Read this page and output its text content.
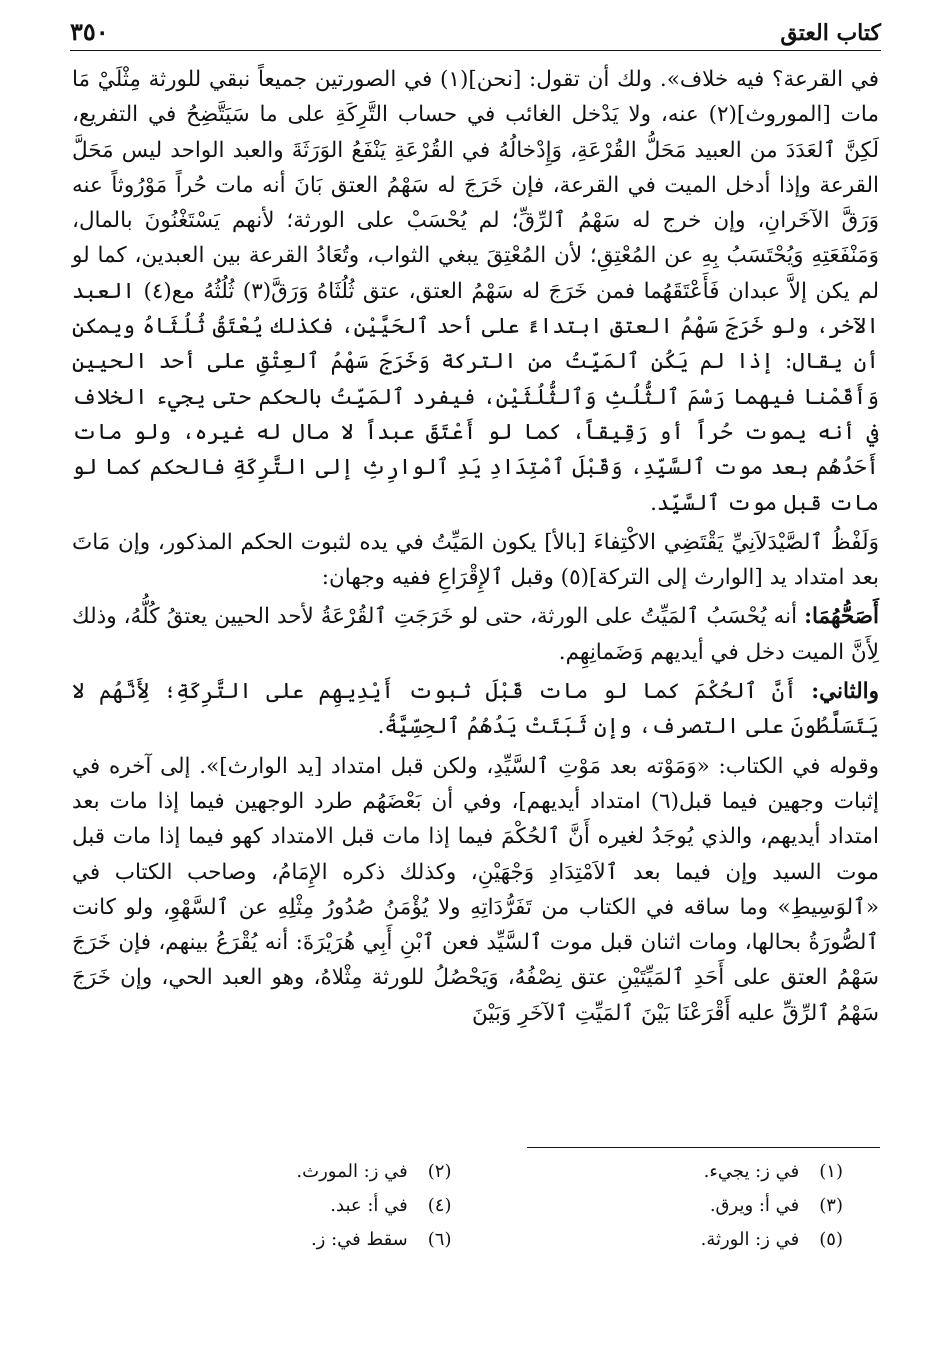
٣٥٠	كتاب العتق

في القرعة؟ فيه خلاف». ولك أن تقول: [نحن](١) في الصورتين جميعاً نبقي للورثة مِثْلَيْ مَا مات [الموروث](٢) عنه، ولا يَدْخل الغائب في حساب التَّرِكَةِ على ما سَيَتَّضِحُ في التفريع، لَكِنَّ ٱلعَدَدَ من العبيد مَحَلُّ القُرْعَةِ، وَإِدْخالُهُ في القُرْعَةِ يَنْفَعُ الوَرَثَةَ والعبد الواحد ليس مَحَلَّ القرعة وإذا أدخل الميت في القرعة، فإن خَرَجَ له سَهْمُ العتق بَانَ أنه مات حُراً مَوْرُوثاً عنه وَرَقَّ الآخَرانِ، وإن خرج له سَهْمُ ٱلرِّقِّ؛ لم يُحْسَبْ على الورثة؛ لأنهم يَسْتَغْنُونَ بالمال، وَمَنْفَعَتِهِ وَيُحْتَسَبُ بِهِ عن المُعْتِقِ؛ لأن المُعْتِقَ يبغي الثواب، وتُعَادُ القرعة بين العبدين، كما لو لم يكن إلاَّ عبدان فَأَعْتَقَهُما فمن خَرَجَ له سَهْمُ العتق، عتق ثُلُثَاهُ وَرَقَّ(٣) ثُلُثُهُ مع(٤) العبد الآخر، ولو خَرَجَ سَهْمُ العتق ابتداءً على أحد ٱلحَيَّيْنِ، فكذلك يُعْتَقُ ثُلُثَاهُ ويمكن أن يقال: إذا لم يَكُنِ ٱلمَيِّتُ من التركة وَخَرَجَ سَهْمُ ٱلعِتْقِ على أحد الحيين وَأَقَمْنا فيهما رَسْمَ ٱلثُّلُثِ وَٱلثُّلُثَيْنِ، فيفرد ٱلمَيِّتُ بالحكم حتى يجيء الخلاف في أنه يموت حُراً أو رَقِيقاً، كما لو أَعْتَقَ عبداً لا مال له غيره، ولو مات أَحَدُهُم بعد موت ٱلسَّيِّدِ، وَقَبْلَ ٱمْتِدَادِ يَدِ ٱلوارِثِ إلى التَّرِكَةِ فالحكم كما لو مات قبل موت ٱلسَّيِّد.

وَلَفْظُ ٱلصَّيْدَلاَنِيِّ يَقْتَضِي الاكْتِفاءَ [بالأ] يكون المَيِّتُ في يده لثبوت الحكم المذكور، وإن مَاتَ بعد امتداد يد [الوارث إلى التركة](٥) وقبل ٱلإِقْرَاعِ ففيه وجهان:

أَصَحُّهُمَا: أنه يُحْسَبُ ٱلمَيِّتُ على الورثة، حتى لو خَرَجَتِ ٱلقُرْعَةُ لأحد الحيين يعتقُ كُلُّهُ، وذلك لِأَنَّ الميت دخل في أيديهم وَضَمانِهِم.

والثاني: أَنَّ ٱلحُكْمَ كما لو مات قَبْلَ ثبوت أَيْدِيهِم على التَّرِكَةِ؛ لِأَنَّهُم لا يَتَسَلَّطُونَ على التصرف، وإن ثَبَتَتْ يَدُهُمُ ٱلحِسِّيَّةُ.

وقوله في الكتاب: «وَمَوْته بعد مَوْتِ ٱلسَّيِّدِ، ولكن قبل امتداد [يد الوارث]». إلى آخره في إثبات وجهين فيما قبل(٦) امتداد أيديهم]، وفي أن بَعْضَهُم طرد الوجهين فيما إذا مات بعد امتداد أيديهم، والذي يُوجَدُ لغيره أَنَّ ٱلحُكْمَ فيما إذا مات قبل الامتداد كهو فيما إذا مات قبل موت السيد وإن فيما بعد ٱلاَمْتِدَادِ وَجْهَيْنِ، وكذلك ذكره الإِمَامُ، وصاحب الكتاب في «ٱلوَسِيطِ» وما ساقه في الكتاب من تَفَرُّدَاتِهِ ولا يُؤْمَنُ صُدُورُ مِثْلِهِ عن ٱلسَّهْوِ، ولو كانت ٱلصُّورَةُ بحالها، ومات اثنان قبل موت ٱلسَّيِّد فعن ٱبْنِ أَبِي هُرَيْرَةَ: أنه يُقْرَعُ بينهم، فإن خَرَجَ سَهْمُ العتق على أَحَدِ ٱلمَيِّتَيْنِ عتق نِصْفُهُ، وَيَحْصُلُ للورثة مِثْلاهُ، وهو العبد الحي، وإن خَرَجَ سَهْمُ ٱلرِّقِّ عليه أَقْرَعْنَا بَيْنَ ٱلمَيِّتِ ٱلآخَرِ وَبَيْنَ

(١) في ز: يجيء.
(٢) في ز: المورث.
(٣) في أ: ويرق.
(٤) في أ: عبد.
(٥) في ز: الورثة.
(٦) سقط في: ز.
